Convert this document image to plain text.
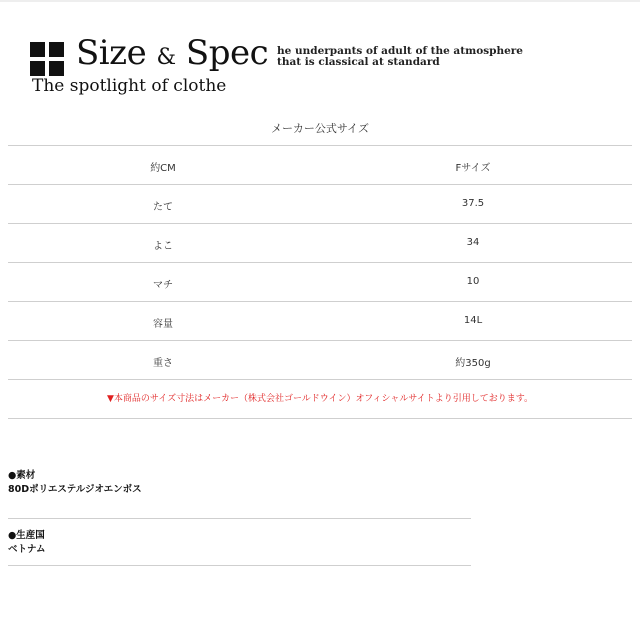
Size & Spec
The spotlight of clothe
he underpants of adult of the atmosphere
that is classical at standard
メーカー公式サイズ
約CM	Fサイズ
たて	37.5
よこ	34
マチ	10
容量	14L
重さ	約350g
▼本商品のサイズ寸法はメーカー（株式会社ゴールドウイン）オフィシャルサイトより引用しております。
●素材
80Dポリエステルジオエンボス
●生産国
ベトナム
